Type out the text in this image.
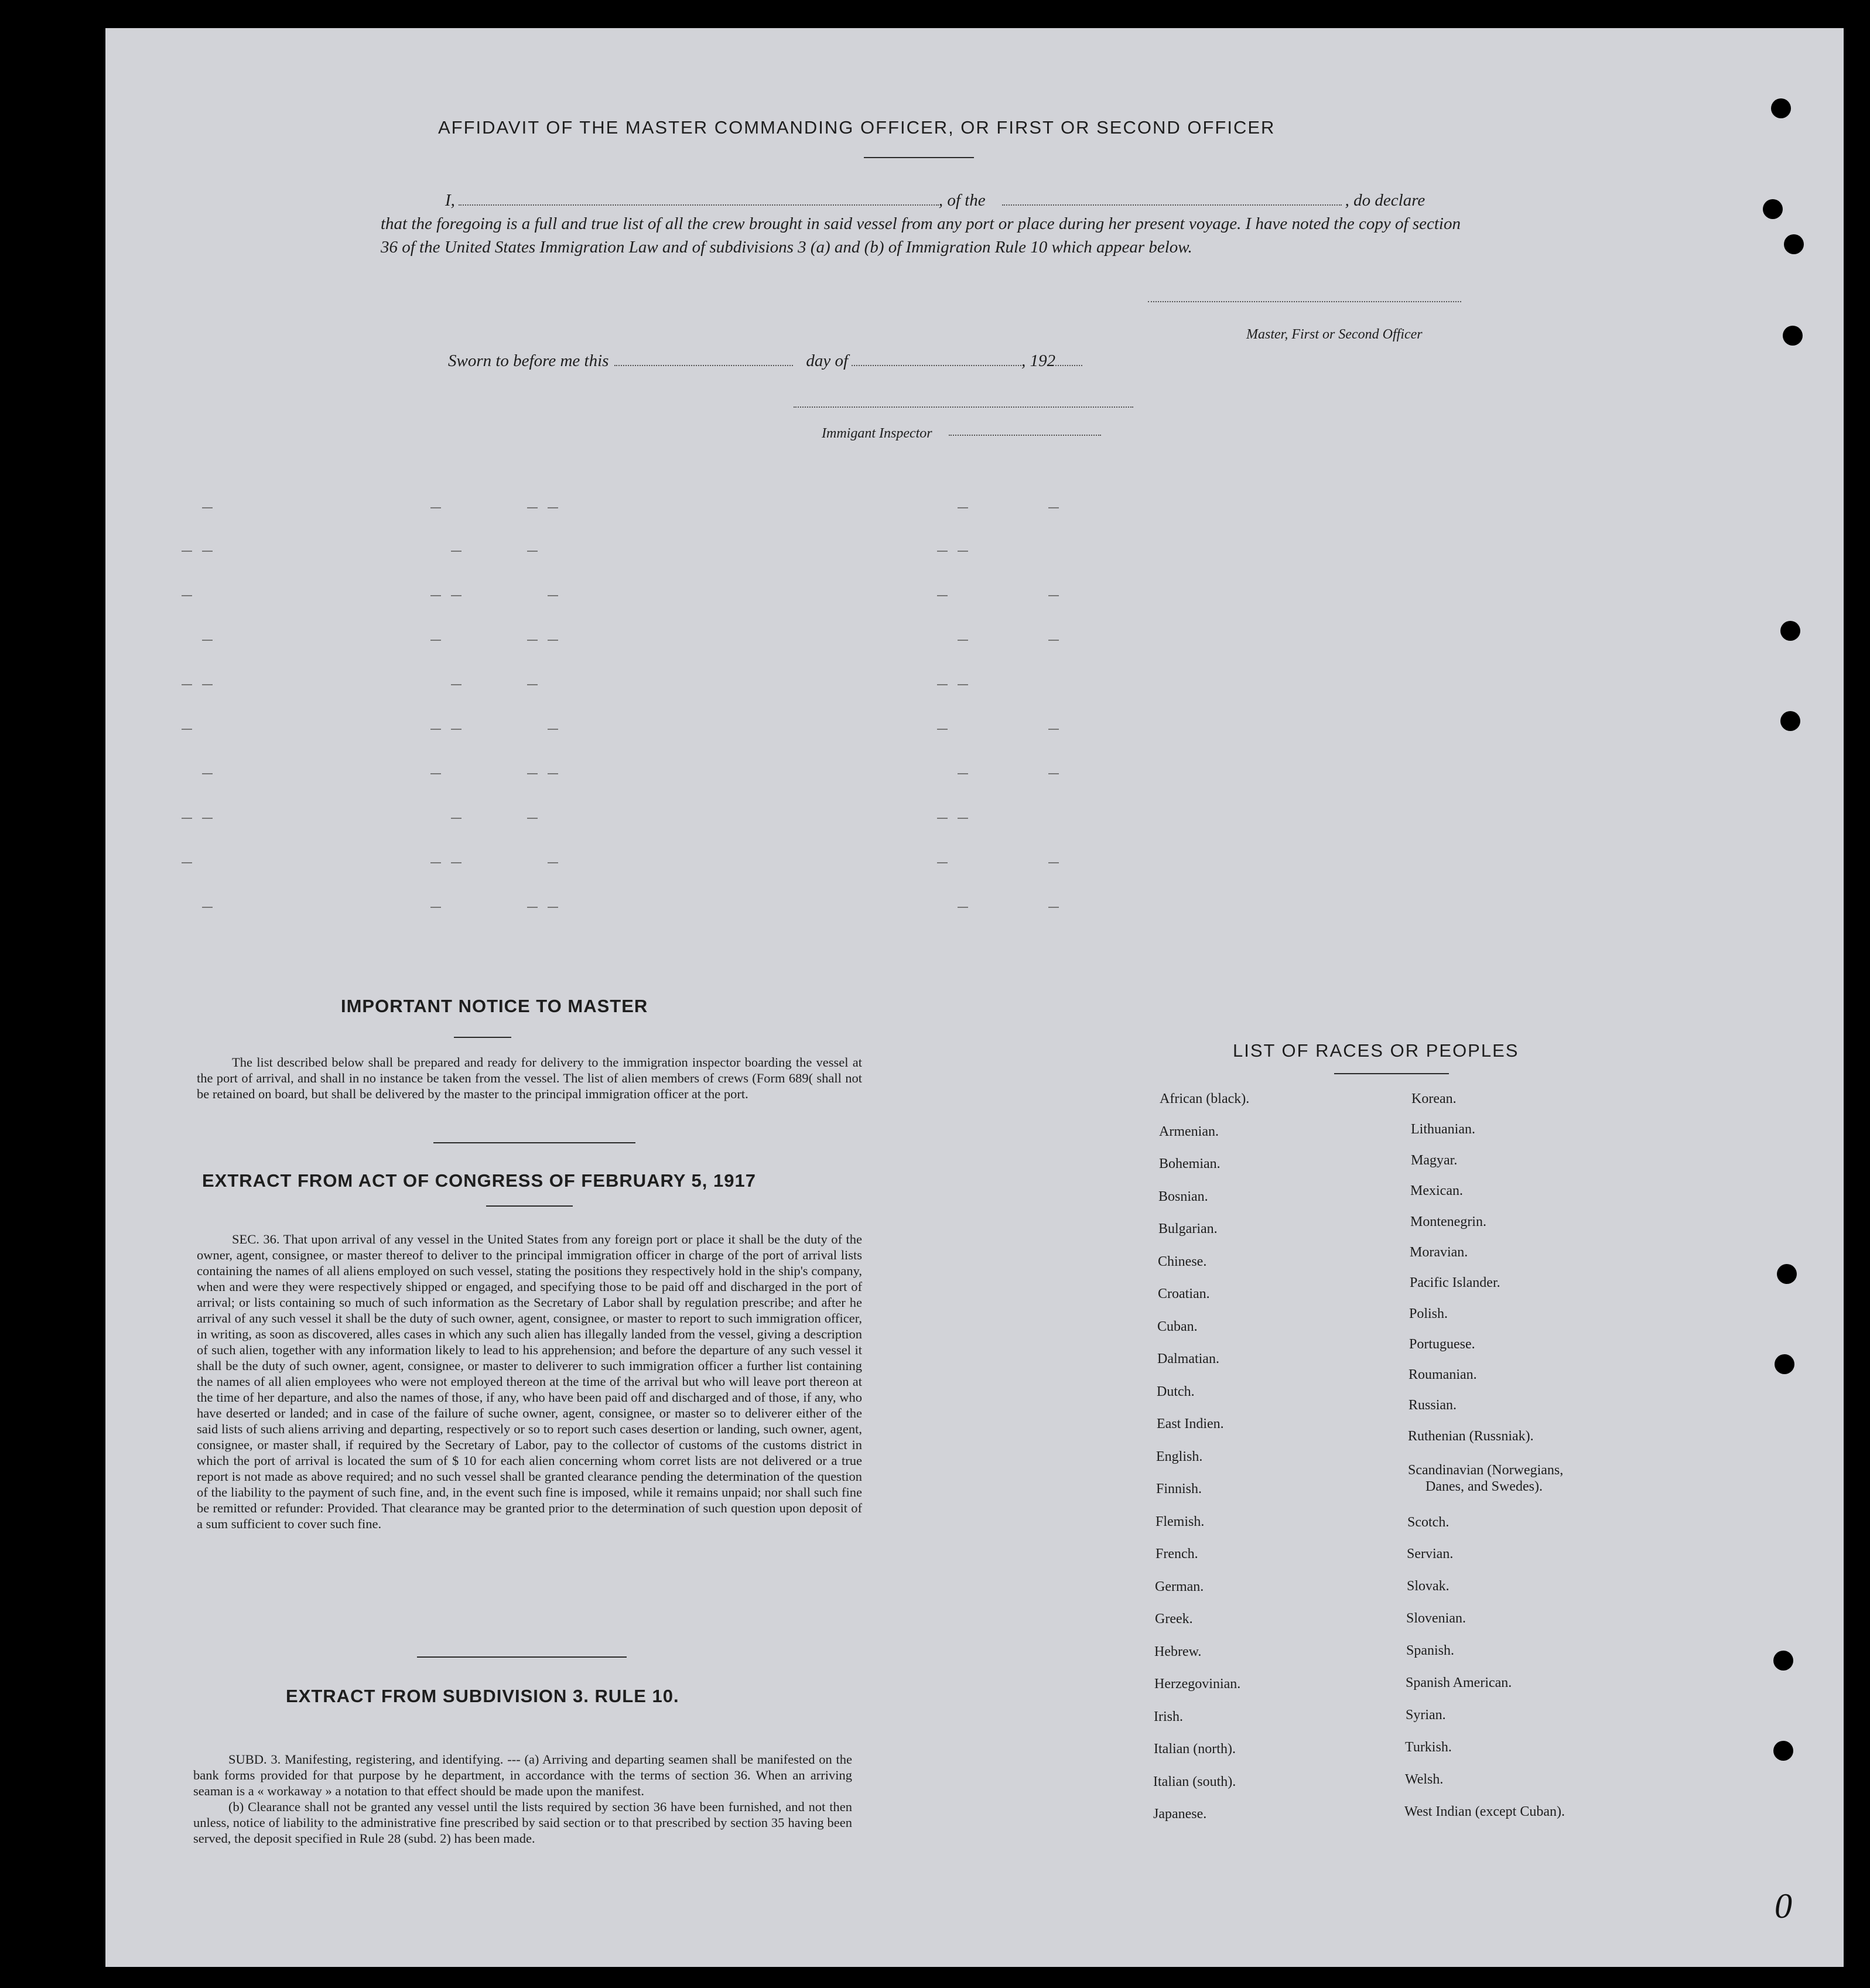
AFFIDAVIT OF THE MASTER COMMANDING OFFICER, OR FIRST OR SECOND OFFICER
I,	, of the	, do declare
that the foregoing is a full and true list of all the crew brought in said vessel from any port or place during her present voyage. I have noted the copy of section 36 of the United States Immigration Law and of subdivisions 3 (a) and (b) of Immigration Rule 10 which appear below.
Master, First or Second Officer
Sworn to before me this	day of	, 192
Immigant Inspector
IMPORTANT NOTICE TO MASTER

The list described below shall be prepared and ready for delivery to the immigration inspector boarding the vessel at the port of arrival, and shall in no instance be taken from the vessel. The list of alien members of crews (Form 689( shall not be retained on board, but shall be delivered by the master to the principal immigration officer at the port.

EXTRACT FROM ACT OF CONGRESS OF FEBRUARY 5, 1917

SEC. 36. That upon arrival of any vessel in the United States from any foreign port or place it shall be the duty of the owner, agent, consignee, or master thereof to deliver to the principal immigration officer in charge of the port of arrival lists containing the names of all aliens employed on such vessel, stating the positions they respectively hold in the ship's company, when and were they were respectively shipped or engaged, and specifying those to be paid off and discharged in the port of arrival; or lists containing so much of such information as the Secretary of Labor shall by regulation prescribe; and after he arrival of any such vessel it shall be the duty of such owner, agent, consignee, or master to report to such immigration officer, in writing, as soon as discovered, alles cases in which any such alien has illegally landed from the vessel, giving a description of such alien, together with any information likely to lead to his apprehension; and before the departure of any such vessel it shall be the duty of such owner, agent, consignee, or master to deliverer to such immigration officer a further list containing the names of all alien employees who were not employed thereon at the time of the arrival but who will leave port thereon at the time of her departure, and also the names of those, if any, who have been paid off and discharged and of those, if any, who have deserted or landed; and in case of the failure of suche owner, agent, consignee, or master so to deliverer either of the said lists of such aliens arriving and departing, respectively or so to report such cases desertion or landing, such owner, agent, consignee, or master shall, if required by the Secretary of Labor, pay to the collector of customs of the customs district in which the port of arrival is located the sum of $ 10 for each alien concerning whom corret lists are not delivered or a true report is not made as above required; and no such vessel shall be granted clearance pending the determination of the question of the liability to the payment of such fine, and, in the event such fine is imposed, while it remains unpaid; nor shall such fine be remitted or refunder: Provided. That clearance may be granted prior to the determination of such question upon deposit of a sum sufficient to cover such fine.

EXTRACT FROM SUBDIVISION 3. RULE 10.

SUBD. 3. Manifesting, registering, and identifying. --- (a) Arriving and departing seamen shall be manifested on the bank forms provided for that purpose by he department, in accordance with the terms of section 36. When an arriving seaman is a « workaway » a notation to that effect should be made upon the manifest.

(b) Clearance shall not be granted any vessel until the lists required by section 36 have been furnished, and not then unless, notice of liability to the administrative fine prescribed by said section or to that prescribed by section 35 having been served, the deposit specified in Rule 28 (subd. 2) has been made.

LIST OF RACES OR PEOPLES
African (black).
Armenian.
Bohemian.
Bosnian.
Bulgarian.
Chinese.
Croatian.
Cuban.
Dalmatian.
Dutch.
East Indien.
English.
Finnish.
Flemish.
French.
German.
Greek.
Hebrew.
Herzegovinian.
Irish.
Italian (north).
Italian (south).
Japanese.
Korean.
Lithuanian.
Magyar.
Mexican.
Montenegrin.
Moravian.
Pacific Islander.
Polish.
Portuguese.
Roumanian.
Russian.
Ruthenian (Russniak).
Scandinavian (Norwegians,
Danes, and Swedes).
Scotch.
Servian.
Slovak.
Slovenian.
Spanish.
Spanish American.
Syrian.
Turkish.
Welsh.
West Indian (except Cuban).
0
